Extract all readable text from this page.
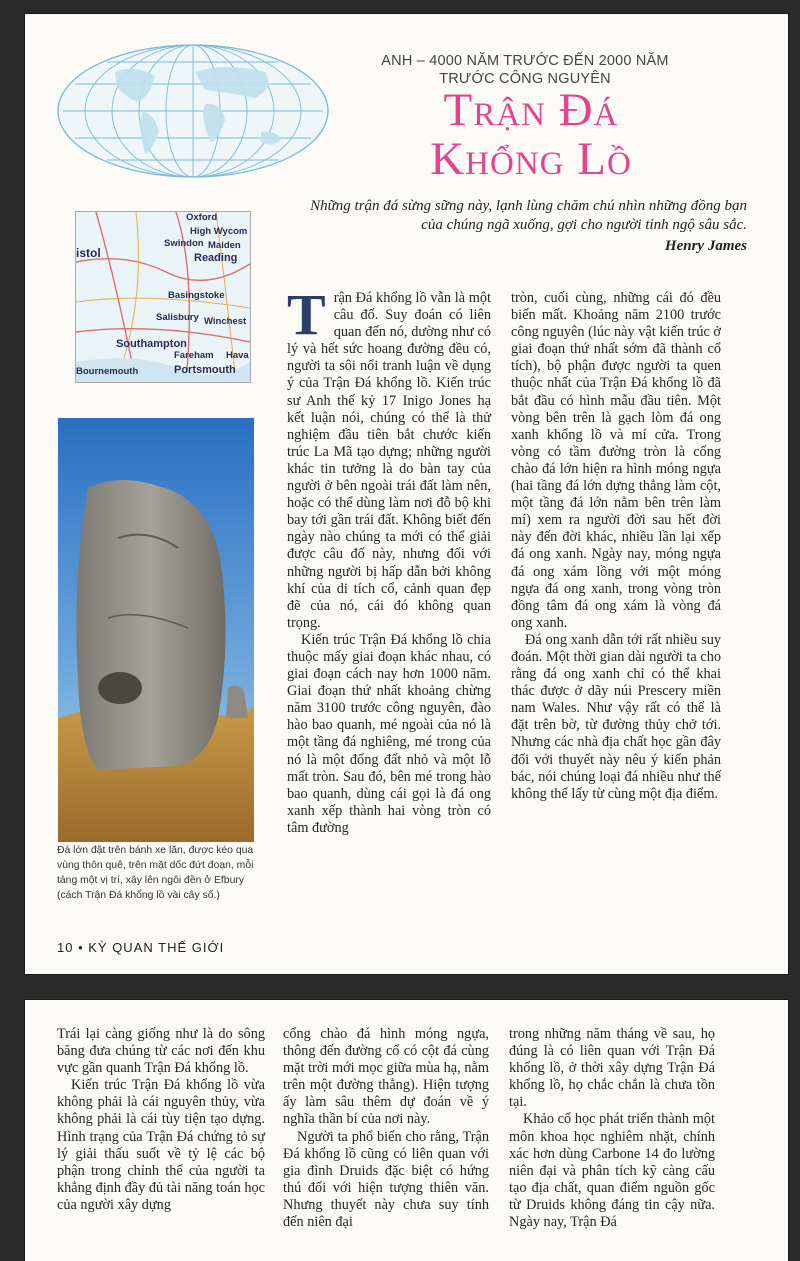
ANH – 4000 NĂM TRƯỚC ĐẾN 2000 NĂM
TRƯỚC CÔNG NGUYÊN
Trận Đá
Khổng Lồ
Những trận đá sừng sững này, lạnh lùng chăm chú nhìn những đồng bạn của chúng ngã xuống, gợi cho người tỉnh ngộ sâu sắc.
Henry James
Oxford
High Wycom
Swindon Maiden
istol	Reading
Basingstoke
Salisbury Winchest
Southampton
Fareham Hava
Bournemouth	Portsmouth
Đá lớn đặt trên bánh xe lăn, được kéo qua vùng thôn quê, trên mặt dốc đứt đoạn, mỗi tảng một vị trí, xây lên ngôi đền ở Efbury (cách Trận Đá khổng lồ vài cây số.)

Trận Đá khổng lồ vẫn là một câu đố. Suy đoán có liên quan đến nó, dường như có lý và hết sức hoang đường đều có, người ta sôi nổi tranh luận về dụng ý của Trận Đá khổng lồ. Kiến trúc sư Anh thế kỷ 17 Inigo Jones hạ kết luận nói, chúng có thể là thử nghiệm đầu tiên bắt chước kiến trúc La Mã tạo dựng; những người khác tin tưởng là do bàn tay của người ở bên ngoài trái đất làm nên, hoặc có thể dùng làm nơi đỗ bộ khi bay tới gần trái đất. Không biết đến ngày nào chúng ta mới có thể giải được câu đố này, nhưng đối với những người bị hấp dẫn bởi không khí của di tích cổ, cảnh quan đẹp đẽ của nó, cái đó không quan trọng.

Kiến trúc Trận Đá khổng lồ chia thuộc mấy giai đoạn khác nhau, có giai đoạn cách nay hơn 1000 năm. Giai đoạn thứ nhất khoảng chừng năm 3100 trước công nguyên, đào hào bao quanh, mé ngoài của nó là một tầng đá nghiêng, mé trong của nó là một đống đất nhỏ và một lỗ mất tròn. Sau đó, bên mé trong hào bao quanh, dùng cái gọi là đá ong xanh xếp thành hai vòng tròn có tâm đường

tròn, cuối cùng, những cái đó đều biến mất. Khoảng năm 2100 trước công nguyên (lúc này vật kiến trúc ở giai đoạn thứ nhất sớm đã thành cổ tích), bộ phận được người ta quen thuộc nhất của Trận Đá khổng lồ đã bắt đầu có hình mẫu đầu tiên. Một vòng bên trên là gạch lòm đá ong xanh khổng lồ và mí cửa. Trong vòng có tầm đường tròn là cổng chào đá lớn hiện ra hình móng ngựa (hai tầng đá lớn dựng thẳng làm cột, một tầng đá lớn nằm bên trên làm mí) xem ra người đời sau hết đời này đến đời khác, nhiều lần lại xếp đá ong xanh. Ngày nay, móng ngựa đá ong xám lồng với một móng ngựa đá ong xanh, trong vòng tròn đồng tâm đá ong xám là vòng đá ong xanh.

Đá ong xanh dẫn tới rất nhiều suy đoán. Một thời gian dài người ta cho rằng đá ong xanh chỉ có thể khai thác được ở dãy núi Prescery miền nam Wales. Như vậy rất có thể là đặt trên bờ, từ đường thủy chở tới. Nhưng các nhà địa chất học gần đây đối với thuyết này nêu ý kiến phản bác, nói chúng loại đá nhiều như thế không thể lấy từ cùng một địa điểm.

10 • KỲ QUAN THẾ GIỚI

Trái lại càng giống như là do sông băng đưa chúng từ các nơi đến khu vực gần quanh Trận Đá khổng lồ.

Kiến trúc Trận Đá khổng lồ vừa không phải là cái nguyên thủy, vừa không phải là cái tùy tiện tạo dựng. Hình trạng của Trận Đá chứng tỏ sự lý giải thấu suốt về tỷ lệ các bộ phận trong chỉnh thể của người ta khẳng định đầy đủ tài năng toán học của người xây dựng

cổng chào đá hình móng ngựa, thông đến đường cổ có cột đá cùng mặt trời mới mọc giữa mùa hạ, nằm trên một đường thẳng). Hiện tượng ấy làm sâu thêm dự đoán về ý nghĩa thần bí của nơi này.

Người ta phổ biến cho rằng, Trận Đá khổng lồ cũng có liên quan với gia đình Druids đặc biệt có hứng thú đối với hiện tượng thiên văn. Nhưng thuyết này chưa suy tính đến niên đại

trong những năm tháng về sau, họ đúng là có liên quan với Trận Đá khổng lồ, ở thời xây dựng Trận Đá khổng lồ, họ chắc chắn là chưa tồn tại.

Khảo cổ học phát triển thành một môn khoa học nghiêm nhặt, chính xác hơn dùng Carbone 14 đo lường niên đại và phân tích kỹ càng cấu tạo địa chất, quan điểm nguồn gốc từ Druids không đáng tin cậy nữa. Ngày nay, Trận Đá
